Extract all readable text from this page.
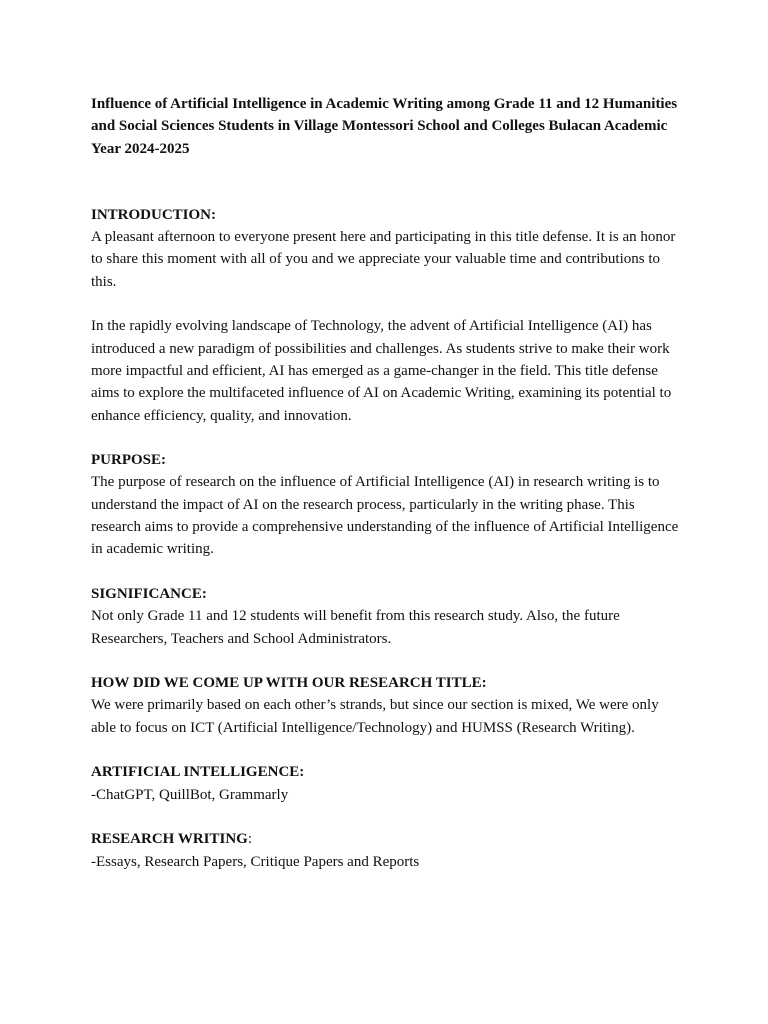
Influence of Artificial Intelligence in Academic Writing among Grade 11 and 12 Humanities and Social Sciences Students in Village Montessori School and Colleges Bulacan Academic Year 2024-2025

INTRODUCTION:

A pleasant afternoon to everyone present here and participating in this title defense. It is an honor to share this moment with all of you and we appreciate your valuable time and contributions to this.

In the rapidly evolving landscape of Technology, the advent of Artificial Intelligence (AI) has introduced a new paradigm of possibilities and challenges. As students strive to make their work more impactful and efficient, AI has emerged as a game-changer in the field. This title defense aims to explore the multifaceted influence of AI on Academic Writing, examining its potential to enhance efficiency, quality, and innovation.

PURPOSE:

The purpose of research on the influence of Artificial Intelligence (AI) in research writing is to understand the impact of AI on the research process, particularly in the writing phase. This research aims to provide a comprehensive understanding of the influence of Artificial Intelligence in academic writing.

SIGNIFICANCE:

Not only Grade 11 and 12 students will benefit from this research study. Also, the future Researchers, Teachers and School Administrators.

HOW DID WE COME UP WITH OUR RESEARCH TITLE:

We were primarily based on each other’s strands, but since our section is mixed, We were only able to focus on ICT (Artificial Intelligence/Technology) and HUMSS (Research Writing).

ARTIFICIAL INTELLIGENCE:

-ChatGPT, QuillBot, Grammarly

RESEARCH WRITING:

-Essays, Research Papers, Critique Papers and Reports
